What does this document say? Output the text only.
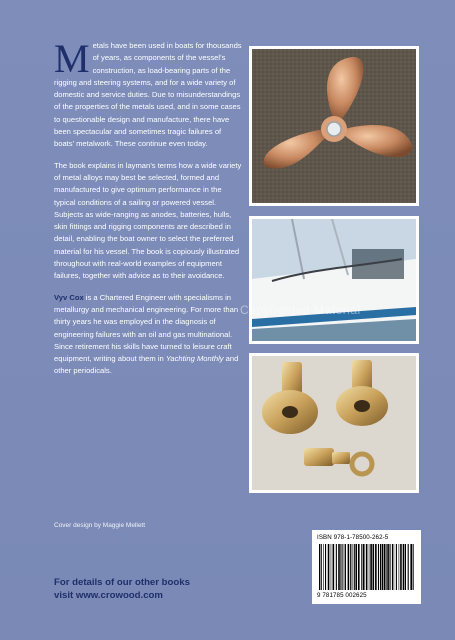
Metals have been used in boats for thousands of years, as components of the vessel’s construction, as load-bearing parts of the rigging and steering systems, and for a wide variety of domestic and service duties. Due to misunderstandings of the properties of the metals used, and in some cases to questionable design and manufacture, there have been spectacular and sometimes tragic failures of boats’ metalwork. These continue even today.

The book explains in layman’s terms how a wide variety of metal alloys may best be selected, formed and manufactured to give optimum performance in the typical conditions of a sailing or powered vessel. Subjects as wide-ranging as anodes, batteries, hulls, skin fittings and rigging components are described in detail, enabling the boat owner to select the preferred material for his vessel. The book is copiously illustrated throughout with real-world examples of equipment failures, together with advice as to their avoidance.

Vyv Cox is a Chartered Engineer with specialisms in metallurgy and mechanical engineering. For more than thirty years he was employed in the diagnosis of engineering failures with an oil and gas multinational. Since retirement his skills have turned to leisure craft equipment, writing about them in Yachting Monthly and other periodicals.

Cover design by Maggie Mellett
For details of our other books
visit www.crowood.com
Copyrighted Material
ISBN 978-1-78500-262-5
9 781785 002625
